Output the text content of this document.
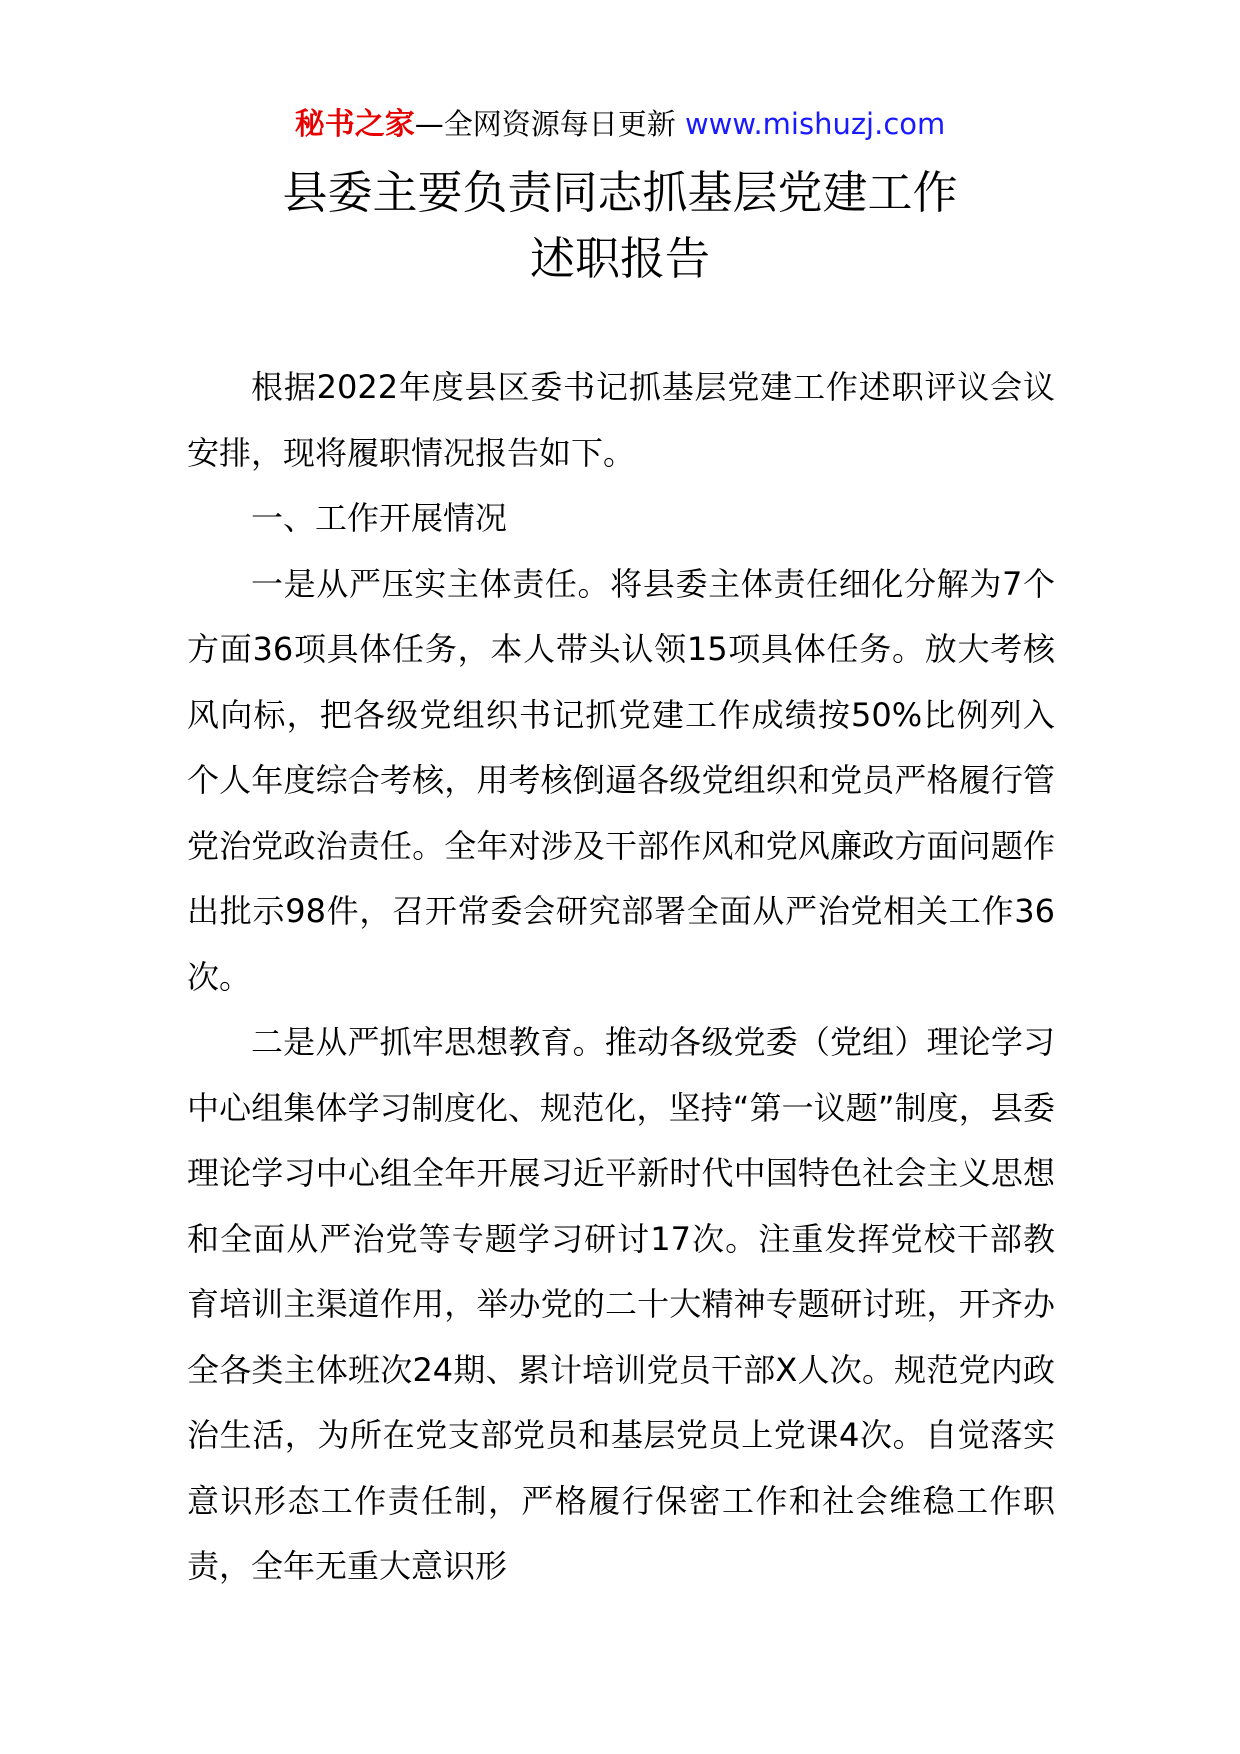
秘书之家—全网资源每日更新 www.mishuzj.com
县委主要负责同志抓基层党建工作
述职报告

根据2022年度县区委书记抓基层党建工作述职评议会议安排，现将履职情况报告如下。

一、工作开展情况

一是从严压实主体责任。将县委主体责任细化分解为7个方面36项具体任务，本人带头认领15项具体任务。放大考核风向标，把各级党组织书记抓党建工作成绩按50%比例列入个人年度综合考核，用考核倒逼各级党组织和党员严格履行管党治党政治责任。全年对涉及干部作风和党风廉政方面问题作出批示98件，召开常委会研究部署全面从严治党相关工作36次。

二是从严抓牢思想教育。推动各级党委（党组）理论学习中心组集体学习制度化、规范化，坚持“第一议题”制度，县委理论学习中心组全年开展习近平新时代中国特色社会主义思想和全面从严治党等专题学习研讨17次。注重发挥党校干部教育培训主渠道作用，举办党的二十大精神专题研讨班，开齐办全各类主体班次24期、累计培训党员干部X人次。规范党内政治生活，为所在党支部党员和基层党员上党课4次。自觉落实意识形态工作责任制，严格履行保密工作和社会维稳工作职责，全年无重大意识形
